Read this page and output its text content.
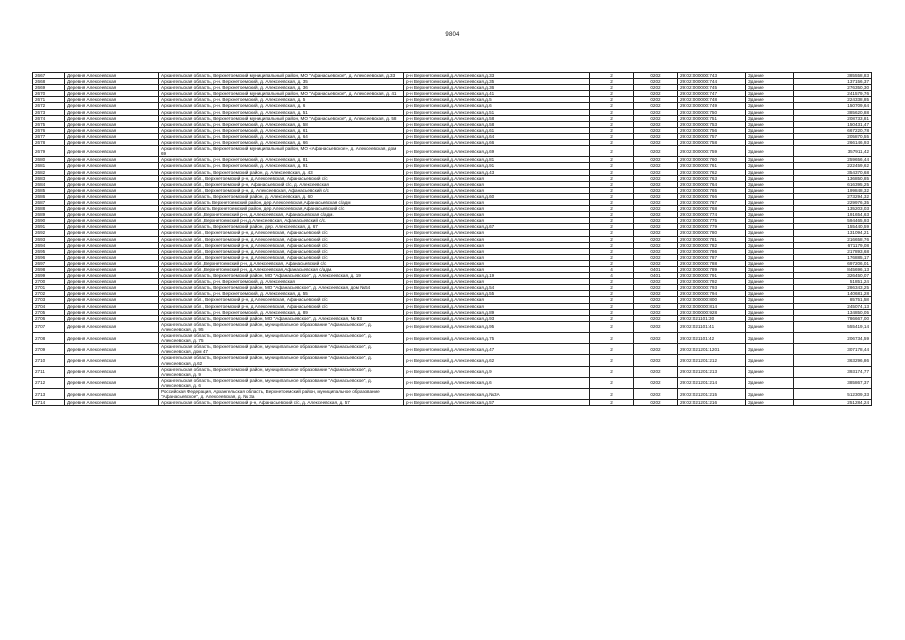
9804
2667	Деревня Алексеевская	Архангельская область, Верхнетоемский муниципальный район, МО "Афанасьевское", д. Алексеевская, д.33	р-н Верхнетоемский,д.Алексеевская,д.33	2	0202	29:02:000000:743	Здание	385558,83
2668	Деревня Алексеевская	Архангельская область, р-н. Верхнетоемский, д. Алексеевская, д. 35	р-н Верхнетоемский,д.Алексеевская,д.35	2	0202	29:02:000000:744	Здание	137156,37
2669	Деревня Алексеевская	Архангельская область, р-н. Верхнетоемский, д. Алексеевская, д. 36	р-н Верхнетоемский,д.Алексеевская,д.36	2	0202	29:02:000000:745	Здание	276350,30
2670	Деревня Алексеевская	Архангельская область, Верхнетоемский муниципальный район, МО "Афанасьевское", д. Алексеевская, д. 41	р-н Верхнетоемский,д.Алексеевская,д.41	2	0202	29:02:000000:747	Здание	241579,76
2671	Деревня Алексеевская	Архангельская область, р-н. Верхнетоемский, д. Алексеевская, д. 5	р-н Верхнетоемский,д.Алексеевская,д.5	2	0202	29:02:000000:748	Здание	224338,85
2672	Деревня Алексеевская	Архангельская область, р-н. Верхнетоемский, д. Алексеевская, д. 6	р-н Верхнетоемский,д.Алексеевская,д.6	2	0202	29:02:000000:749	Здание	150709,64
2673	Деревня Алексеевская	Архангельская область, р-н. Верхнетоемский, д. Алексеевская, д. 51	р-н Верхнетоемский,д.Алексеевская,д.51	2	0202	29:02:000000:750	Здание	385620,88
2674	Деревня Алексеевская	Архангельская область, Верхнетоемский муниципальный район, МО "Афанасьевское", д. Алексеевская, д. 58	р-н Верхнетоемский,д.Алексеевская,д.58	2	0202	29:02:000000:751	Здание	208733,81
2675	Деревня Алексеевская	Архангельская область, р-н. Верхнетоемский, д. Алексеевская, д. 58	р-н Верхнетоемский,д.Алексеевская,д.58	2	0202	29:02:000000:753	Здание	150431,47
2676	Деревня Алексеевская	Архангельская область, р-н. Верхнетоемский, д. Алексеевская, д. 61	р-н Верхнетоемский,д.Алексеевская,д.61	2	0202	29:02:000000:756	Здание	667220,78
2677	Деревня Алексеевская	Архангельская область, р-н. Верхнетоемский, д. Алексеевская, д. 64	р-н Верхнетоемский,д.Алексеевская,д.64	2	0202	29:02:000000:757	Здание	205870,55
2678	Деревня Алексеевская	Архангельская область, р-н. Верхнетоемский, д. Алексеевская, д. 66	р-н Верхнетоемский,д.Алексеевская,д.66	2	0202	29:02:000000:758	Здание	266146,93
2679	Деревня Алексеевская	Архангельская область, Верхнетоемский муниципальный район, МО «Афанасьевское», д. Алексеевская, дом 69	р-н Верхнетоемский,д.Алексеевская,д.69	2	0202	29:02:000000:759	Здание	357911,42
2680	Деревня Алексеевская	Архангельская область, р-н. Верхнетоемский, д. Алексеевская, д. 81	р-н Верхнетоемский,д.Алексеевская,д.81	2	0202	29:02:000000:760	Здание	259656,44
2681	Деревня Алексеевская	Архангельская область, р-н. Верхнетоемский, д. Алексеевская, д. 91	р-н Верхнетоемский,д.Алексеевская,д.91	2	0202	29:02:000000:761	Здание	222459,62
2682	Деревня Алексеевская	Архангельская область, Верхнетоемский район, д. Алексеевская, д. 43	р-н Верхнетоемский,д.Алексеевская,д.43	2	0202	29:02:000000:762	Здание	354370,68
2683	Деревня Алексеевская	Архангельская обл., Верхнетоемский р-н, д.Алексеевская, Афанасьевский с/с	р-н Верхнетоемский,д.Алексеевская	2	0202	29:02:000000:763	Здание	136850,85
2684	Деревня Алексеевская	Архангельская обл., Верхнетоемский р-н, Афанасьевский с/с, д. Алексеевская	р-н Верхнетоемский,д.Алексеевская	2	0202	29:02:000000:764	Здание	616395,25
2685	Деревня Алексеевская	Архангельская обл., Верхнетоемский р-н, д. Алексеевская, Афанасьевский с/с	р-н Верхнетоемский,д.Алексеевская	2	0202	29:02:000000:765	Здание	199848,32
2686	Деревня Алексеевская	Архангельская область, Верхнетоемский район, д. Алексеевская, д. 60	р-н Верхнетоемский,д.Алексеевская,д.60	2	0202	29:02:000000:766	Здание	273294,32
2687	Деревня Алексеевская	Архангельская область Верхнетоемский район, дер.Алексеевская,Афанасьевская с/адм	р-н Верхнетоемский,д.Алексеевская	2	0202	29:02:000000:767	Здание	229976,35
2688	Деревня Алексеевская	Архангельская область Верхнетоемский район, дер.Алексеевская,Афанасьевский с/с	р-н Верхнетоемский,д.Алексеевская	2	0202	29:02:000000:768	Здание	135203,03
2689	Деревня Алексеевская	Архангельская обл.,Верхнетоемский р-н, д.Алексеевская, Афанасьевская с/адм.	р-н Верхнетоемский,д.Алексеевская	2	0202	29:02:000000:774	Здание	191654,63
2690	Деревня Алексеевская	Архангельская обл.,Верхнетоемский р-н,д.Алексеевская, Афанасьевский с/с.	р-н Верхнетоемский,д.Алексеевская	2	0202	29:02:000000:775	Здание	594465,93
2691	Деревня Алексеевская	Архангельская область, Верхнетоемский район, дер. Алексеевская, д. 67	р-н Верхнетоемский,д.Алексеевская,д.67	2	0202	29:02:000000:779	Здание	155440,59
2692	Деревня Алексеевская	Архангельская обл., Верхнетоемский р-н, д.Алексеевская, Афанасьевский с/с	р-н Верхнетоемский,д.Алексеевская	2	0202	29:02:000000:780	Здание	131094,21
2693	Деревня Алексеевская	Архангельская обл., Верхнетоемский р-н, д.Алексеевская, Афанасьевский с/с	р-н Верхнетоемский,д.Алексеевская	2	0202	29:02:000000:781	Здание	216658,76
2694	Деревня Алексеевская	Архангельская обл., Верхнетоемский р-н, д.Алексеевская, Афанасьевский с/с	р-н Верхнетоемский,д.Алексеевская	2	0202	29:02:000000:782	Здание	671179,08
2695	Деревня Алексеевская	Архангельская обл., Верхнетоемский р-н, д.Алексеевская, Афанасьевский с/с	р-н Верхнетоемский,д.Алексеевская	2	0202	29:02:000000:786	Здание	217893,68
2696	Деревня Алексеевская	Архангельская обл., Верхнетоемский р-н, д.Алексеевская, Афанасьевский с/с	р-н Верхнетоемский,д.Алексеевская	2	0202	29:02:000000:787	Здание	176885,17
2697	Деревня Алексеевская	Архангельская обл.,Верхнетоемский р-н, д.Алексеевская, Афанасьевский с/с	р-н Верхнетоемский,д.Алексеевская	2	0202	29:02:000000:788	Здание	697206,01
2698	Деревня Алексеевская	Архангельская обл.,Верхнетоемский р-н, д.Алексеевская,Афанасьевская с/адм.	р-н Верхнетоемский,д.Алексеевская	4	0401	29:02:000000:789	Здание	845696,13
2699	Деревня Алексеевская	Архангельская область, Верхнетоемский район, МО "Афанасьевское", д. Алексеевская, д. 19	р-н Верхнетоемский,д.Алексеевская,д.19	4	0401	29:02:000000:791	Здание	326450,07
2700	Деревня Алексеевская	Архангельская область, р-н. Верхнетоемский, д. Алексеевская	р-н Верхнетоемский,д.Алексеевская	2	0202	29:02:000000:792	Здание	51851,24
2701	Деревня Алексеевская	Архангельская область, Верхнетоемский район, МО "Афанасьевское", д. Алексеевская, дом №54	р-н Верхнетоемский,д.Алексеевская,д.54	2	0202	29:02:000000:793	Здание	286343,25
2702	Деревня Алексеевская	Архангельская область, р-н. Верхнетоемский, д. Алексеевская, д. 55	р-н Верхнетоемский,д.Алексеевская,д.55	2	0202	29:02:000000:794	Здание	140681,28
2703	Деревня Алексеевская	Архангельская обл., Верхнетоемский р-н, д.Алексеевская, Афанасьевский с/с	р-н Верхнетоемский,д.Алексеевская	2	0202	29:02:000000:800	Здание	85751,58
2704	Деревня Алексеевская	Архангельская обл., Верхнетоемский р-н, д.Алексеевская, Афанасьевский с/с	р-н Верхнетоемский,д.Алексеевская	2	0202	29:02:000000:814	Здание	245074,13
2705	Деревня Алексеевская	Архангельская область, р-н. Верхнетоемский, д. Алексеевская, д. 89	р-н Верхнетоемский,д.Алексеевская,д.89	2	0202	29:02:000000:928	Здание	134850,05
2706	Деревня Алексеевская	Архангельская область, Верхнетоемский район, МО "Афанасьевское", д. Алексеевская, № 93	р-н Верхнетоемский,д.Алексеевская,д.93	2	0202	29:02:021101:30	Здание	786667,00
2707	Деревня Алексеевская	Архангельская область, Верхнетоемский район, муниципальное образование "Афанасьевское", д. Алексеевская, д. 95	р-н Верхнетоемский,д.Алексеевская,д.95	2	0202	29:02:021101:41	Здание	555419,14
2708	Деревня Алексеевская	Архангельская область, Верхнетоемский район, муниципальное образование "Афанасьевское", д. Алексеевская, д. 75	р-н Верхнетоемский,д.Алексеевская,д.75	2	0202	29:02:021101:42	Здание	206734,59
2709	Деревня Алексеевская	Архангельская область, Верхнетоемский район, муниципальное образование "Афанасьевское", д. Алексеевская, дом 47	р-н Верхнетоемский,д.Алексеевская,д.47	2	0202	29:02:021201:1201	Здание	307178,44
2710	Деревня Алексеевская	Архангельская область, Верхнетоемский район, муниципальное образование "Афанасьевское", д. Алексеевская, д.62	р-н Верхнетоемский,д.Алексеевская,д.62	2	0202	29:02:021201:212	Здание	363296,86
2711	Деревня Алексеевская	Архангельская область, Верхнетоемский район, муниципальное образование "Афанасьевское", д. Алексеевская, д. 9	р-н Верхнетоемский,д.Алексеевская,д.9	2	0202	29:02:021201:213	Здание	393174,77
2712	Деревня Алексеевская	Архангельская область, Верхнетоемский район, муниципальное образование "Афанасьевское", д. Алексеевская, д. 6	р-н Верхнетоемский,д.Алексеевская,д.6	2	0202	29:02:021201:214	Здание	385867,37
2713	Деревня Алексеевская	Российская Федерация, Архангельская область, Верхнетоемский район, муниципальное образование "Афанасьевское", д. Алексеевская, д. № 3а	р-н Верхнетоемский,д.Алексеевская,д.№3А	2	0202	29:02:021201:215	Здание	512309,33
2714	Деревня Алексеевская	Архангельская область, Верхнетоемский р-н, Афанасьевский с/с, д. Алексеевская, д. 57	р-н Верхнетоемский,д.Алексеевская,д.57	2	0202	29:02:021201:216	Здание	251284,24
